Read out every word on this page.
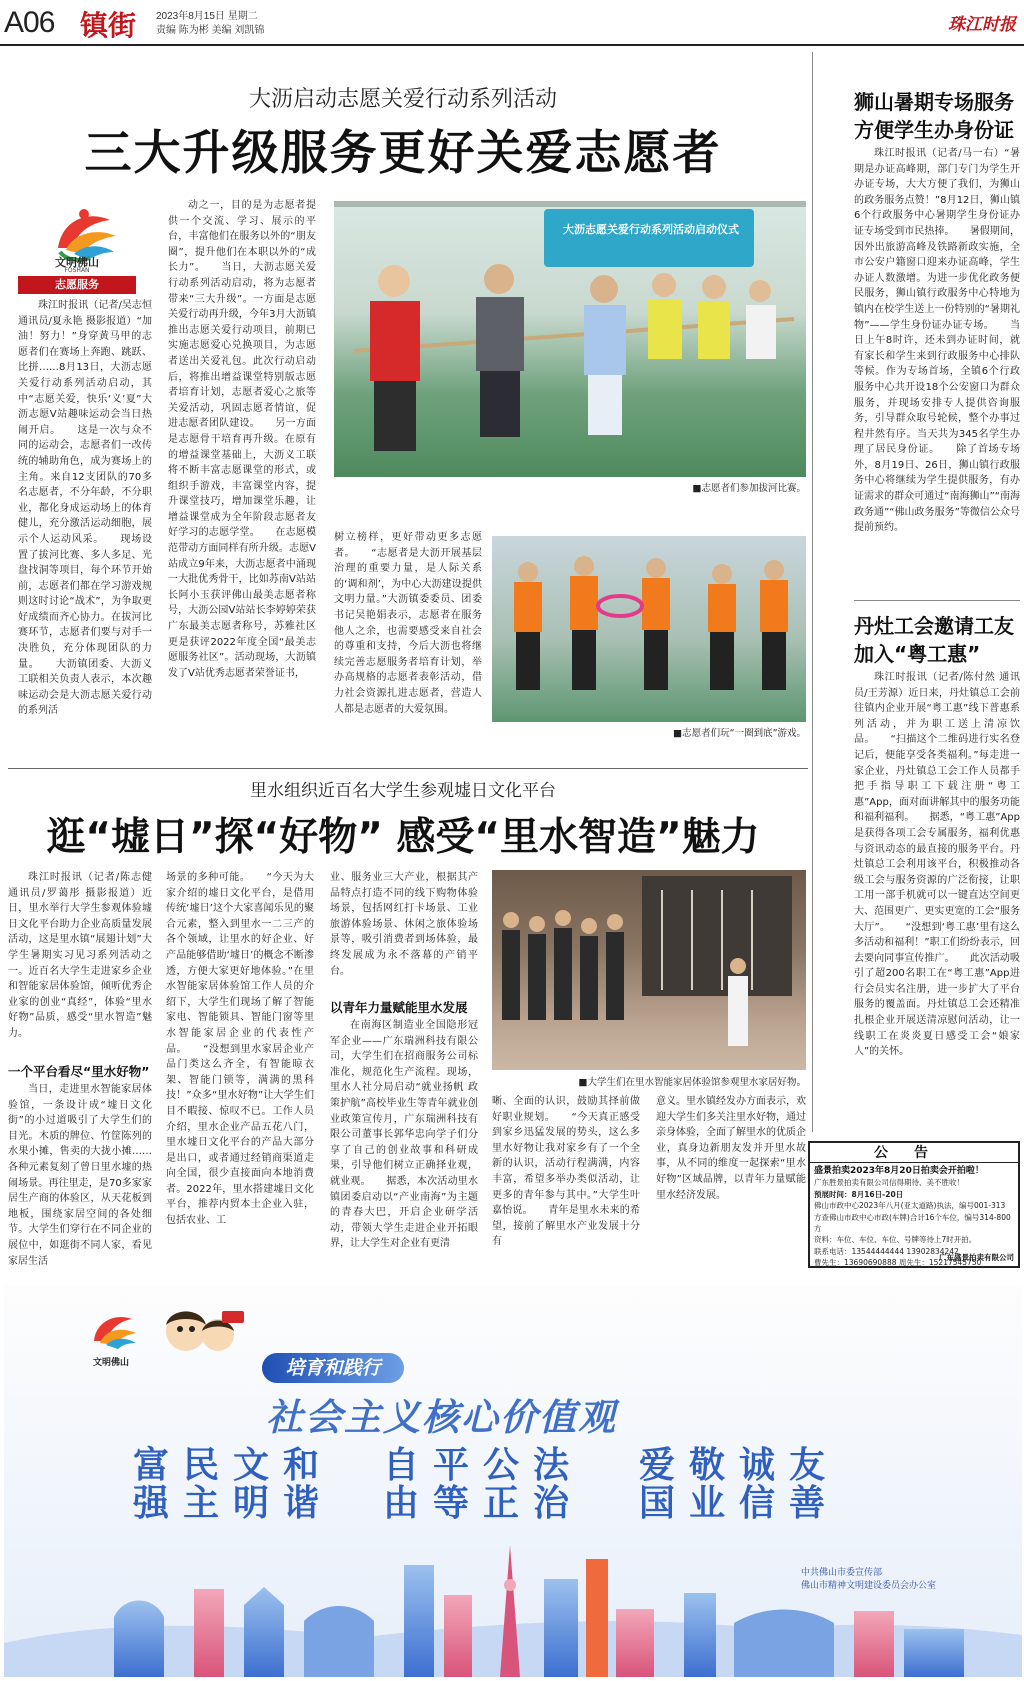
A06 镇街 2023年8月15日 星期二
责编 陈为彬 美编 刘凯锦	珠江时报
大沥启动志愿关爱行动系列活动
三大升级服务更好关爱志愿者
文明佛山
FOSHAN
志愿服务
珠江时报讯（记者/吴志恒 通讯员/夏永艳 摄影报道）“加油！努力！”身穿黄马甲的志愿者们在赛场上奔跑、跳跃、比拼……8月13日，大沥志愿关爱行动系列活动启动，其中“志愿关爱，快乐‘义’夏”大沥志愿V站趣味运动会当日热闹开启。　　这是一次与众不同的运动会，志愿者们一改传统的辅助角色，成为赛场上的主角。来自12支团队的70多名志愿者，不分年龄，不分职业，都化身成运动场上的体育健儿，充分激活运动细胞，展示个人运动风采。　　现场设置了拔河比赛、多人多足、光盘找洞等项目，每个环节开始前，志愿者们都在学习游戏规则这时讨论“战术”，为争取更好成绩而齐心协力。在拔河比赛环节，志愿者们要与对手一决胜负，充分体现团队的力量。　　大沥镇团委、大沥义工联相关负责人表示，本次趣味运动会是大沥志愿关爱行动的系列活
动之一，目的是为志愿者提供一个交流、学习、展示的平台，丰富他们在服务以外的“朋友圈”，提升他们在本职以外的“成长力”。　　当日，大沥志愿关爱行动系列活动启动，将为志愿者带来“三大升级”。一方面是志愿关爱行动再升级，今年3月大沥镇推出志愿关爱行动项目，前期已实施志愿爱心兑换项目，为志愿者送出关爱礼包。此次行动启动后，将推出增益课堂特别版志愿者培育计划，志愿者爱心之旅等关爱活动，巩固志愿者情谊，促进志愿者团队建设。　　另一方面是志愿骨干培育再升级。在原有的增益课堂基础上，大沥义工联将不断丰富志愿课堂的形式，或组织手游戏，丰富课堂内容，提升课堂技巧，增加课堂乐趣，让增益课堂成为全年阶段志愿者友好学习的志愿学堂。　　在志愿模范带动方面同样有所升级。志愿V站成立9年来，大沥志愿者中涌现一大批优秀骨干，比如苏南V站站长阿小玉获评佛山最美志愿者称号，大沥公园V站站长李婷婷荣获广东最美志愿者称号，苏雅社区更是获评2022年度全国“最美志愿服务社区”。活动现场，大沥镇发了V站优秀志愿者荣誉证书，
大沥志愿关爱行动系列活动启动仪式
■志愿者们参加拔河比赛。
树立榜样，更好带动更多志愿者。　　“志愿者是大沥开展基层治理的重要力量，是人际关系的‘调和剂’，为中心大沥建设提供文明力量。”大沥镇委委员、团委书记吴艳娟表示，志愿者在服务他人之余，也需要感受来自社会的尊重和支持，今后大沥也将继续完善志愿服务者培育计划，举办高规格的志愿者表彰活动，借力社会资源扎进志愿者，营造人人都是志愿者的大爱氛围。
■志愿者们玩“一圈到底”游戏。
里水组织近百名大学生参观墟日文化平台
逛“墟日”探“好物” 感受“里水智造”魅力
珠江时报讯（记者/陈志健 通讯员/罗蔼彤 摄影报道）近日，里水举行大学生参观体验墟日文化平台助力企业高质量发展活动，这是里水镇“展翅计划”大学生暑期实习见习系列活动之一。近百名大学生走进家乡企业和智能家居体验馆，倾听优秀企业家的创业“真经”，体验“里水好物”品质，感受“里水智造”魅力。
一个平台看尽“里水好物”
当日，走进里水智能家居体验馆，一条设计成“墟日文化街”的小过道吸引了大学生们的目光。木质的牌位、竹筐陈列的水果小摊，售卖的大拢小摊……各种元素复刻了曾日里水墟的热闹场景。再往里走，是70多家家居生产商的体验区，从天花板到地板，围绕家居空间的各处细节。大学生们穿行在不同企业的展位中，如逛街不同人家，看见家居生活
场景的多种可能。　　“今天为大家介绍的墟日文化平台，是借用传统‘墟日’这个大家喜闻乐见的聚合元素，整入到里水一二三产的各个领域，让里水的好企业、好产品能够借助‘墟日’的概念不断渗透，方便大家更好地体验。”在里水智能家居体验馆工作人员的介绍下，大学生们现场了解了智能家电、智能锁具、智能门窗等里水智能家居企业的代表性产品。　　“没想到里水家居企业产品门类这么齐全，有智能晾衣架、智能门锁等，满满的黑科技！”众多“里水好物”让大学生们目不暇接、惊叹不已。工作人员介绍，里水企业产品五花八门，里水墟日文化平台的产品大部分是出口，或者通过经销商渠道走向全国，很少直接面向本地消费者。2022年，里水搭建墟日文化平台，推荐内贸本土企业入驻，包括农业、工
业、服务业三大产业，根据其产品特点打造不同的线下购物体验场景，包括网红打卡场景、工业旅游体验场景、休闲之旅体验场景等，吸引消费者到场体验，最终发展成为永不落幕的产销平台。
以青年力量赋能里水发展
在南海区制造业全国隐形冠军企业——广东瑞洲科技有限公司，大学生们在招商服务公司标准化，规范化生产流程。现场，里水人社分局启动“就业扬帆 政策护航”高校毕业生等青年就业创业政策宣传月，广东瑞洲科技有限公司董事长郭华忠向学子们分享了自己的创业故事和科研成果，引导他们树立正确择业观，就业观。　　据悉，本次活动里水镇团委启动以“产业南海”为主题的青春大巴，开启企业研学活动，带领大学生走进企业开拓眼界，让大学生对企业有更清
■大学生们在里水智能家居体验馆参观里水家居好物。
晰、全面的认识，鼓励其择前做好职业规划。　　“今天真正感受到家乡迅猛发展的势头，这么多里水好物让我对家乡有了一个全新的认识，活动行程满满，内容丰富，希望多举办类似活动，让更多的青年参与其中。”大学生叶嘉怡说。　　青年是里水未来的希望，接前了解里水产业发展十分有
意义。里水镇经发办方面表示，欢迎大学生们多关注里水好物，通过亲身体验，全面了解里水的优质企业，真身边新朋友发并开里水故事，从不同的维度一起探索“里水好物”区域品牌，以青年力量赋能里水经济发展。
狮山暑期专场服务
方便学生办身份证
珠江时报讯（记者/马一右）“暑期是办证高峰期，部门专门为学生开办证专场，大大方便了我们，为狮山的政务服务点赞！”8月12日，狮山镇6个行政服务中心暑期学生身份证办证专场受到市民热捧。　　暑假期间，因外出旅游高峰及铁路新政实施，全市公安户籍窗口迎来办证高峰，学生办证人数激增。为进一步优化政务便民服务，狮山镇行政服务中心特地为镇内在校学生送上一份特别的“暑期礼物”——学生身份证办证专场。　　当日上午8时许，还未到办证时间，就有家长和学生来到行政服务中心排队等候。作为专场首场，全镇6个行政服务中心共开设18个公安窗口为群众服务，并现场安排专人提供咨询服务，引导群众取号轮候，整个办事过程井然有序。当天共为345名学生办理了居民身份证。　　除了首场专场外，8月19日、26日，狮山镇行政服务中心将继续为学生提供服务，有办证需求的群众可通过“南海狮山”“南海政务通”“佛山政务服务”等微信公众号提前预约。
丹灶工会邀请工友
加入“粤工惠”
珠江时报讯（记者/陈付然 通讯员/王芳源）近日来，丹灶镇总工会前往镇内企业开展“粤工惠”线下普惠系列活动，并为职工送上清凉饮品。　　“扫描这个二维码进行实名登记后，便能享受各类福利。”每走进一家企业，丹灶镇总工会工作人员都手把手指导职工下载注册“粤工惠”App，面对面讲解其中的服务功能和福利福利。　　据悉，“粤工惠”App是获得各项工会专属服务，福利优惠与资讯动态的最直接的服务平台。丹灶镇总工会利用该平台，积极推动各级工会与服务资源的广泛衔接，让职工用一部手机就可以一键直达空间更大、范围更广、更实更宽的工会“服务大厅”。　　“没想到‘粤工惠’里有这么多活动和福利！”职工们纷纷表示，回去要向同事宣传推广。　　此次活动吸引了超200名职工在“粤工惠”App进行会员实名注册，进一步扩大了平台服务的覆盖面。丹灶镇总工会还精准扎根企业开展送清凉慰问活动，让一线职工在炎炎夏日感受工会“娘家人”的关怀。
公告
盛景拍卖2023年8月20日拍卖会开拍啦！
广东胜景拍卖有限公司信得期待、美不胜收！
预展时间：8月16日-20日
佛山市政中心2023年八月(亚太道路)执法，编号001-313
方查佛山市政中心市政(车牌)合计16个车位，编号314-800方
资料：车位、车位、车位、号牌等待上7时开拍。
联系电话：13544444444 13902834242
曹先生：13690690888 周先生：15217545750
广东盛景拍卖有限公司
文明佛山	培育和践行
社会主义核心价值观
富 民 文 和
强 主 明 谐
自 平 公 法
由 等 正 治
爱 敬 诚 友
国 业 信 善
中共佛山市委宣传部
佛山市精神文明建设委员会办公室
